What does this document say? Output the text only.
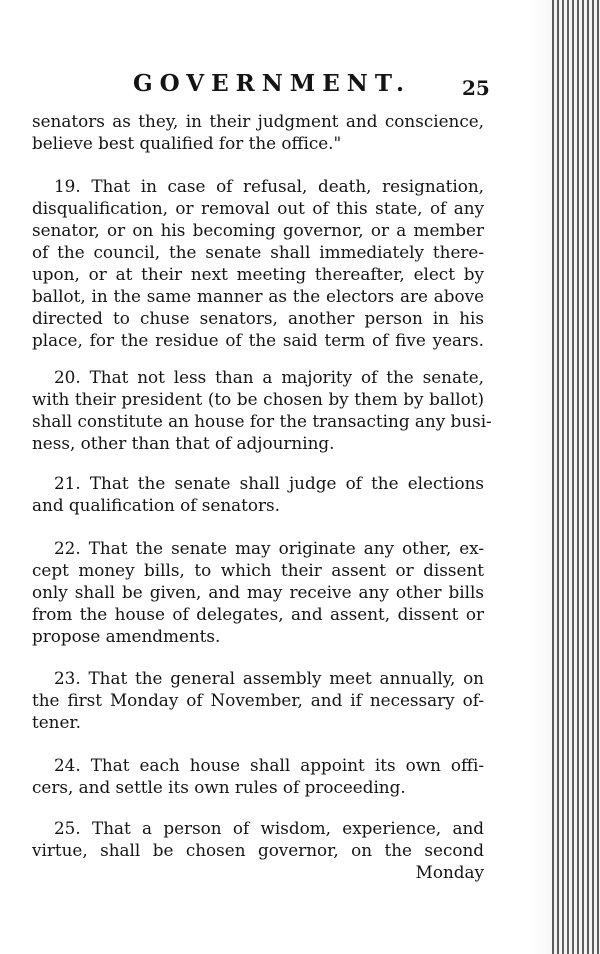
GOVERNMENT.	25
senators as they, in their judgment and conscience,
believe best qualified for the office."
19. That in case of refusal, death, resignation,
disqualification, or removal out of this state, of any
senator, or on his becoming governor, or a member
of the council, the senate shall immediately there-
upon, or at their next meeting thereafter, elect by
ballot, in the same manner as the electors are above
directed to chuse senators, another person in his
place, for the residue of the said term of five years.
20. That not less than a majority of the senate,
with their president (to be chosen by them by ballot)
shall constitute an house for the transacting any busi-
ness, other than that of adjourning.
21. That the senate shall judge of the elections
and qualification of senators.
22. That the senate may originate any other, ex-
cept money bills, to which their assent or dissent
only shall be given, and may receive any other bills
from the house of delegates, and assent, dissent or
propose amendments.
23. That the general assembly meet annually, on
the first Monday of November, and if necessary of-
tener.
24. That each house shall appoint its own offi-
cers, and settle its own rules of proceeding.
25. That a person of wisdom, experience, and
virtue, shall be chosen governor, on the second
Monday
